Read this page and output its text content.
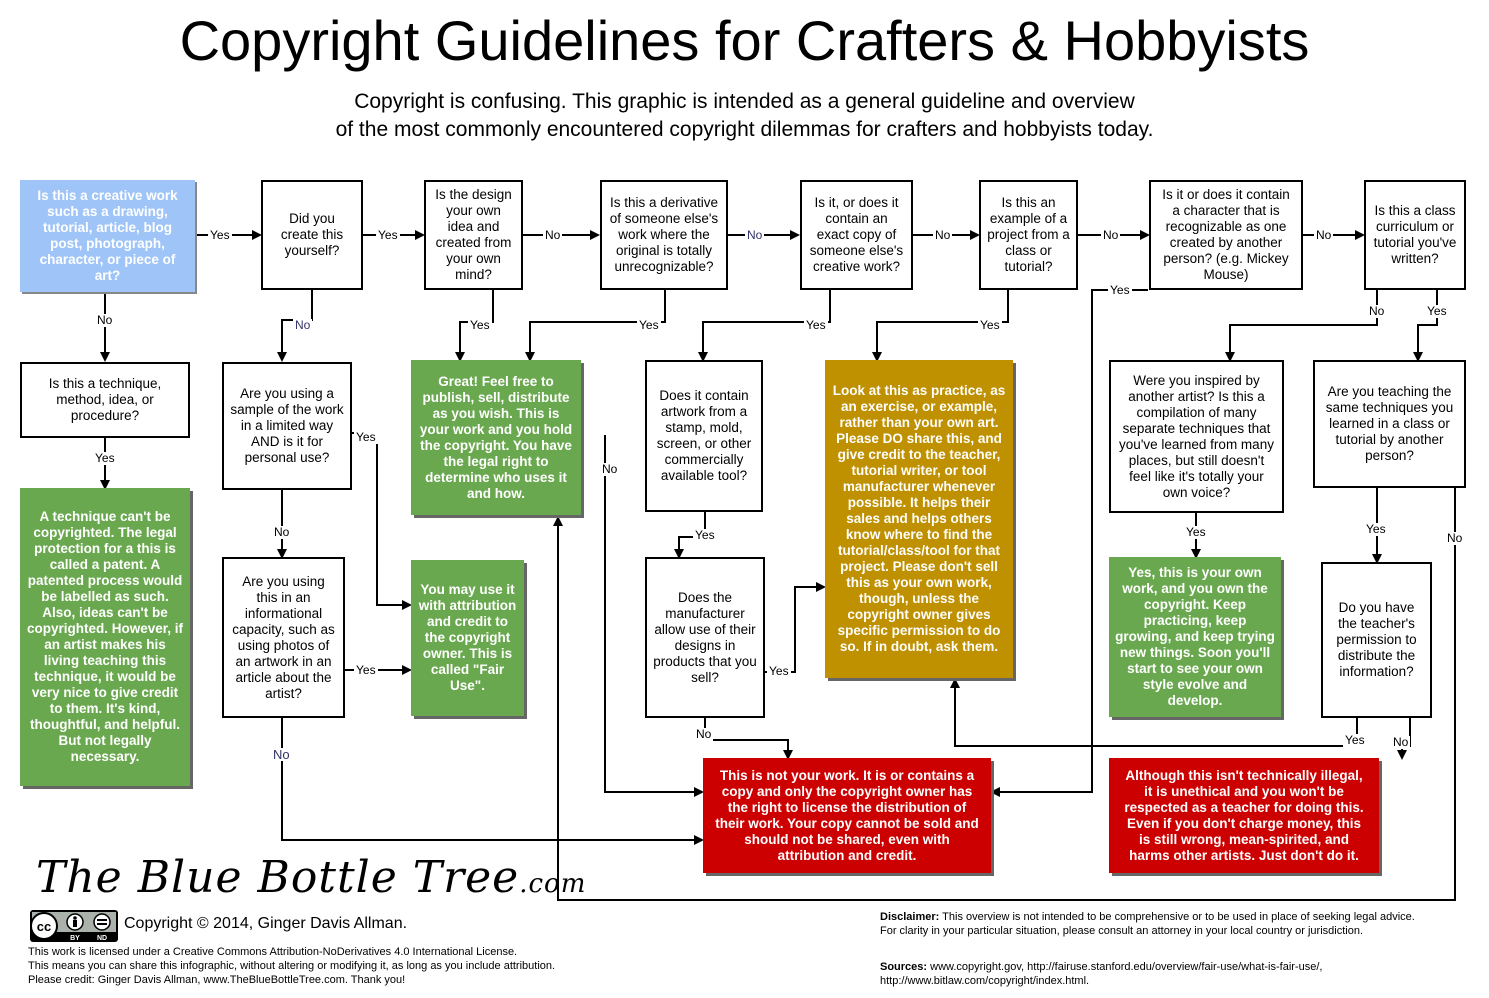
Copyright Guidelines for Crafters & Hobbyists
Copyright is confusing. This graphic is intended as a general guideline and overview
of the most commonly encountered copyright dilemmas for crafters and hobbyists today.
Is this a creative work such as a drawing, tutorial, article, blog post, photograph, character, or piece of art?
Did you create this yourself?
Is the design your own idea and created from your own mind?
Is this a derivative of someone else's work where the original is totally unrecognizable?
Is it, or does it contain an exact copy of someone else's creative work?
Is this an example of a project from a class or tutorial?
Is it or does it contain a character that is recognizable as one created by another person? (e.g. Mickey Mouse)
Is this a class curriculum or tutorial you've written?
Is this a technique, method, idea, or procedure?
A technique can't be copyrighted. The legal protection for a this is called a patent. A patented process would be labelled as such. Also, ideas can't be copyrighted. However, if an artist makes his living teaching this technique, it would be very nice to give credit to them. It's kind, thoughtful, and helpful. But not legally necessary.
Are you using a sample of the work in a limited way AND is it for personal use?
Are you using this in an informational capacity, such as using photos of an artwork in an article about the artist?
Great! Feel free to publish, sell, distribute as you wish. This is your work and you hold the copyright. You have the legal right to determine who uses it and how.
You may use it with attribution and credit to the copyright owner. This is called "Fair Use".
Does it contain artwork from a stamp, mold, screen, or other commercially available tool?
Does the manufacturer allow use of their designs in products that you sell?
Look at this as practice, as an exercise, or example, rather than your own art. Please DO share this, and give credit to the teacher, tutorial writer, or tool manufacturer whenever possible. It helps their sales and helps others know where to find the tutorial/class/tool for that project. Please don't sell this as your own work, though, unless the copyright owner gives specific permission to do so. If in doubt, ask them.
Were you inspired by another artist? Is this a compilation of many separate techniques that you've learned from many places, but still doesn't feel like it's totally your own voice?
Are you teaching the same techniques you learned in a class or tutorial by another person?
Yes, this is your own work, and you own the copyright. Keep practicing, keep growing, and keep trying new things. Soon you'll start to see your own style evolve and develop.
Do you have the teacher's permission to distribute the information?
This is not your work. It is or contains a copy and only the copyright owner has the right to license the distribution of their work. Your copy cannot be sold and should not be shared, even with attribution and credit.
Although this isn't technically illegal, it is unethical and you won't be respected as a teacher for doing this. Even if you don't charge money, this is still wrong, mean-spirited, and harms other artists. Just don't do it.
Yes	Yes	No	No	No	No	No
Yes
No
Yes
No	Yes	Yes	Yes	Yes
No	Yes
Yes
No
Yes
No
No
Yes
Yes
No
Yes	Yes
No
Yes No
The Blue Bottle Tree.com
cc
BY ND
Copyright © 2014, Ginger Davis Allman.
This work is licensed under a Creative Commons Attribution-NoDerivatives 4.0 International License.
This means you can share this infographic, without altering or modifying it, as long as you include attribution.
Please credit: Ginger Davis Allman, www.TheBlueBottleTree.com. Thank you!
Disclaimer: This overview is not intended to be comprehensive or to be used in place of seeking legal advice.
For clarity in your particular situation, please consult an attorney in your local country or jurisdiction.
Sources: www.copyright.gov, http://fairuse.stanford.edu/overview/fair-use/what-is-fair-use/,
http://www.bitlaw.com/copyright/index.html.
